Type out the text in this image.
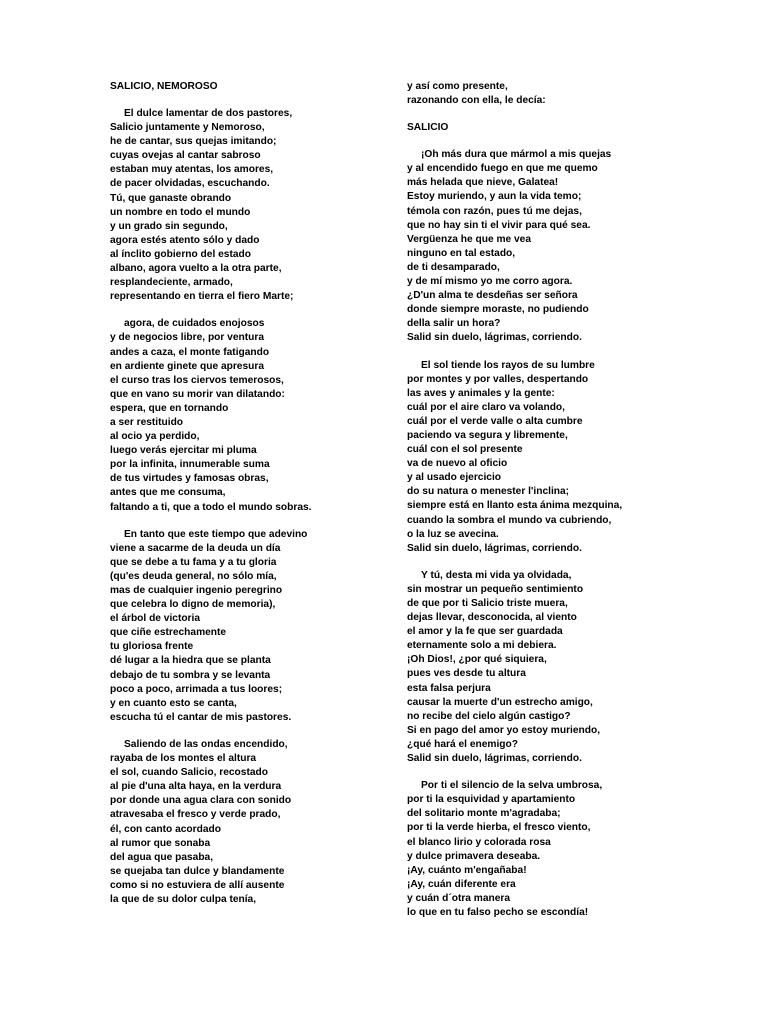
SALICIO, NEMOROSO
El dulce lamentar de dos pastores,
Salicio juntamente y Nemoroso,
he de cantar, sus quejas imitando;
cuyas ovejas al cantar sabroso
estaban muy atentas, los amores,
de pacer olvidadas, escuchando.
Tú, que ganaste obrando
un nombre en todo el mundo
y un grado sin segundo,
agora estés atento sólo y dado
al ínclito gobierno del estado
albano, agora vuelto a la otra parte,
resplandeciente, armado,
representando en tierra el fiero Marte;
agora, de cuidados enojosos
y de negocios libre, por ventura
andes a caza, el monte fatigando
en ardiente ginete que apresura
el curso tras los ciervos temerosos,
que en vano su morir van dilatando:
espera, que en tornando
a ser restituido
al ocio ya perdido,
luego verás ejercitar mi pluma
por la infinita, innumerable suma
de tus virtudes y famosas obras,
antes que me consuma,
faltando a ti, que a todo el mundo sobras.
En tanto que este tiempo que adevino
viene a sacarme de la deuda un día
que se debe a tu fama y a tu gloria
(qu'es deuda general, no sólo mía,
mas de cualquier ingenio peregrino
que celebra lo digno de memoria),
el árbol de victoria
que ciñe estrechamente
tu gloriosa frente
dé lugar a la hiedra que se planta
debajo de tu sombra y se levanta
poco a poco, arrimada a tus loores;
y en cuanto esto se canta,
escucha tú el cantar de mis pastores.
Saliendo de las ondas encendido,
rayaba de los montes el altura
el sol, cuando Salicio, recostado
al pie d'una alta haya, en la verdura
por donde una agua clara con sonido
atravesaba el fresco y verde prado,
él, con canto acordado
al rumor que sonaba
del agua que pasaba,
se quejaba tan dulce y blandamente
como si no estuviera de allí ausente
la que de su dolor culpa tenía,
y así como presente,
razonando con ella, le decía:
SALICIO
¡Oh más dura que mármol a mis quejas
y al encendido fuego en que me quemo
más helada que nieve, Galatea!
Estoy muriendo, y aun la vida temo;
témola con razón, pues tú me dejas,
que no hay sin ti el vivir para qué sea.
Vergüenza he que me vea
ninguno en tal estado,
de ti desamparado,
y de mí mismo yo me corro agora.
¿D'un alma te desdeñas ser señora
donde siempre moraste, no pudiendo
della salir un hora?
Salid sin duelo, lágrimas, corriendo.
El sol tiende los rayos de su lumbre
por montes y por valles, despertando
las aves y animales y la gente:
cuál por el aire claro va volando,
cuál por el verde valle o alta cumbre
paciendo va segura y libremente,
cuál con el sol presente
va de nuevo al oficio
y al usado ejercicio
do su natura o menester l'inclina;
siempre está en llanto esta ánima mezquina,
cuando la sombra el mundo va cubriendo,
o la luz se avecina.
Salid sin duelo, lágrimas, corriendo.
Y tú, desta mi vida ya olvidada,
sin mostrar un pequeño sentimiento
de que por ti Salicio triste muera,
dejas llevar, desconocida, al viento
el amor y la fe que ser guardada
eternamente solo a mi debiera.
¡Oh Dios!, ¿por qué siquiera,
pues ves desde tu altura
esta falsa perjura
causar la muerte d'un estrecho amigo,
no recibe del cielo algún castigo?
Si en pago del amor yo estoy muriendo,
¿qué hará el enemigo?
Salid sin duelo, lágrimas, corriendo.
Por ti el silencio de la selva umbrosa,
por ti la esquividad y apartamiento
del solitario monte m'agradaba;
por ti la verde hierba, el fresco viento,
el blanco lirio y colorada rosa
y dulce primavera deseaba.
¡Ay, cuánto m'engañaba!
¡Ay, cuán diferente era
y cuán d´otra manera
lo que en tu falso pecho se escondía!
